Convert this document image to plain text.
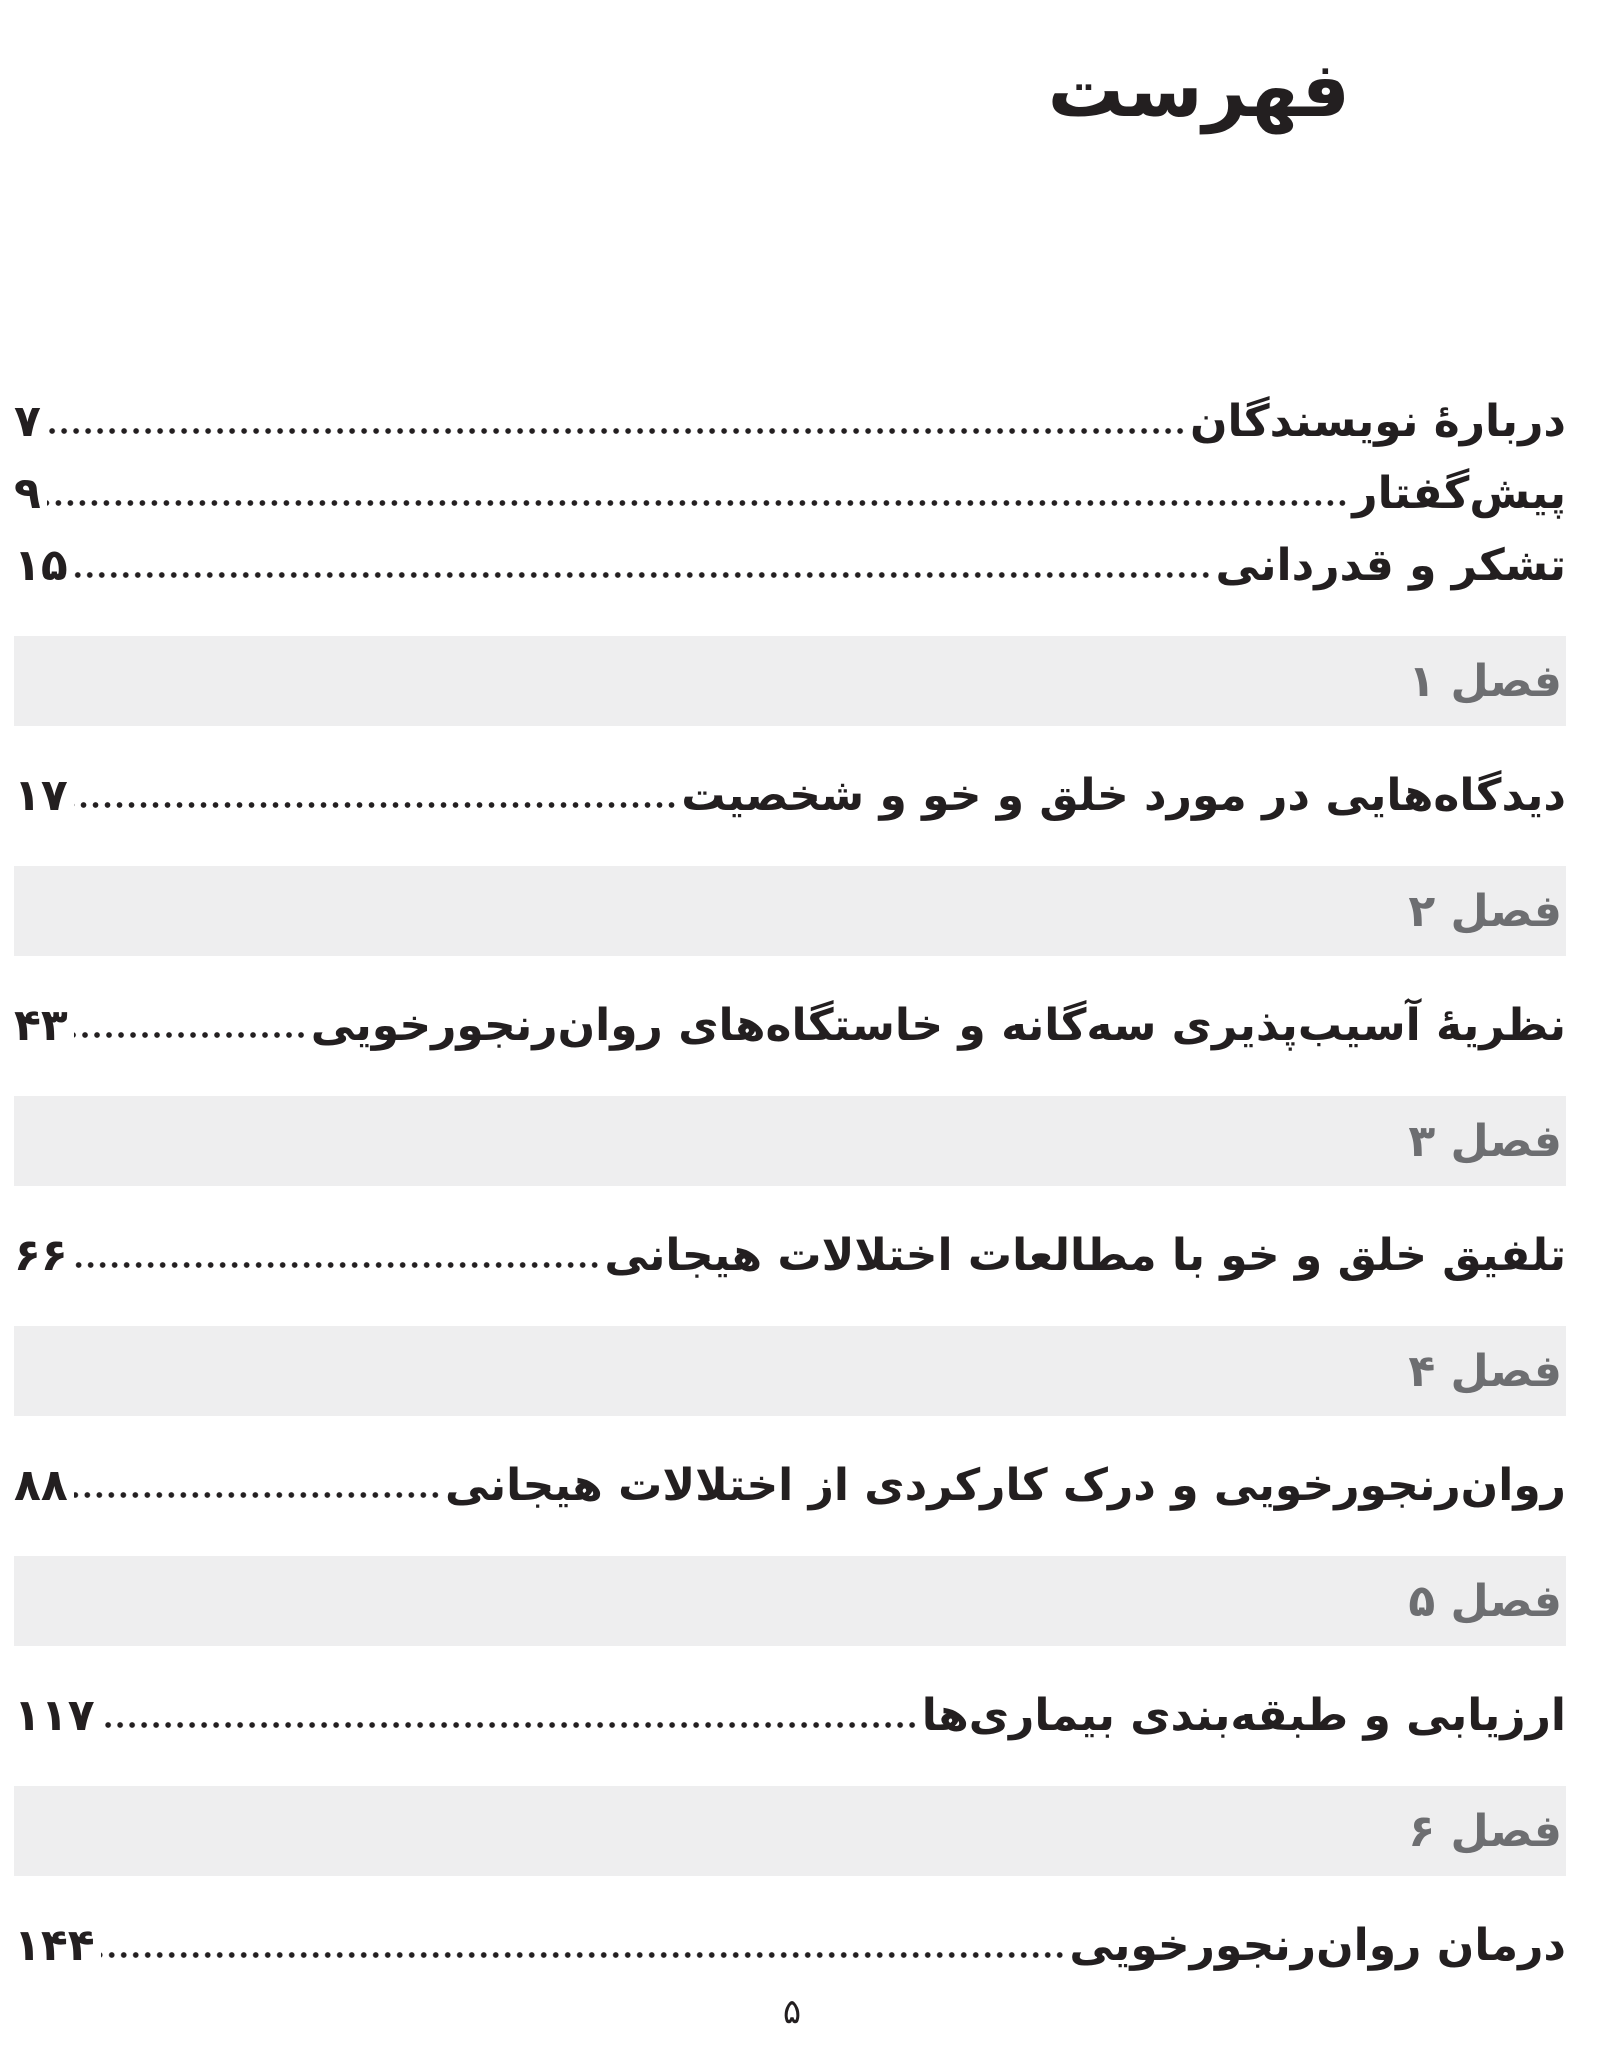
فهرست
۷	دربارهٔ نویسندگان
۹	پیش‌گفتار
۱۵	تشکر و قدردانی
فصل ۱
۱۷	دیدگاه‌هایی در مورد خلق و خو و شخصیت
فصل ۲
۴۳	نظریهٔ آسیب‌پذیری سه‌گانه و خاستگاه‌های روان‌رنجورخویی
فصل ۳
۶۶	تلفیق خلق و خو با مطالعات اختلالات هیجانی
فصل ۴
۸۸	روان‌رنجورخویی و درک کارکردی از اختلالات هیجانی
فصل ۵
۱۱۷	ارزیابی و طبقه‌بندی بیماری‌ها
فصل ۶
۱۴۴	درمان روان‌رنجورخویی
۵
